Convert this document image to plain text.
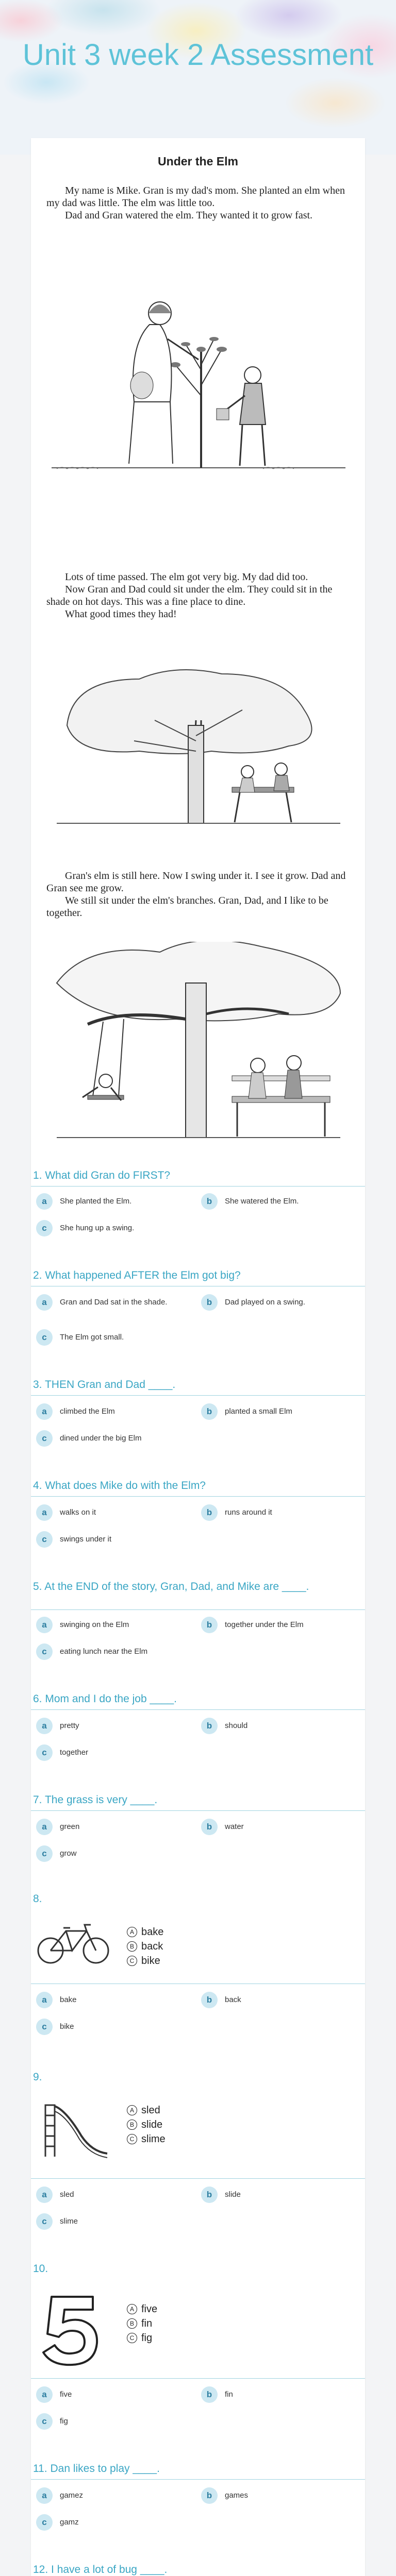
Unit 3 week 2 Assessment
Under the Elm

My name is Mike. Gran is my dad's mom. She planted an elm when my dad was little. The elm was little too.

Dad and Gran watered the elm. They wanted it to grow fast.

Lots of time passed. The elm got very big. My dad did too.

Now Gran and Dad could sit under the elm. They could sit in the shade on hot days. This was a fine place to dine.

What good times they had!

Gran's elm is still here. Now I swing under it. I see it grow. Dad and Gran see me grow.

We still sit under the elm's branches. Gran, Dad, and I like to be together.

1. What did Gran do FIRST?
a	She planted the Elm.	b	She watered the Elm.
c	She hung up a swing.
2. What happened AFTER the Elm got big?
a	Gran and Dad sat in the shade.	b	Dad played on a swing.
c	The Elm got small.
3. THEN Gran and Dad ____.
a	climbed the Elm	b	planted a small Elm
c	dined under the big Elm
4. What does Mike do with the Elm?
a	walks on it	b	runs around it
c	swings under it
5. At the END of the story, Gran, Dad, and Mike are ____.
a	swinging on the Elm	b	together under the Elm
c	eating lunch near the Elm
6. Mom and I do the job ____.
a	pretty	b	should
c	together
7. The grass is very ____.
a	green	b	water
c	grow
8.
A bake
B back
C bike
a	bake	b	back
c	bike
9.
A sled
B slide
C slime
a	sled	b	slide
c	slime
10.
A five
B fin
C fig
a	five	b	fin
c	fig
11. Dan likes to play ____.
a	gamez	b	games
c	gamz
12. I have a lot of bug ____.
